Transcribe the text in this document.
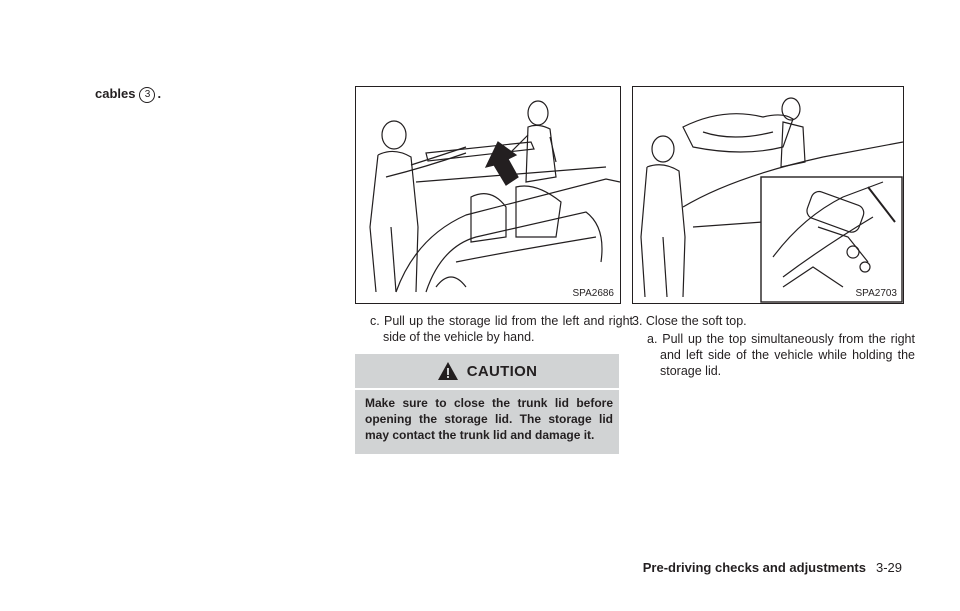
cables 3 .
SPA2686	SPA2703
c. Pull up the storage lid from the left and right side of the vehicle by hand.
CAUTION
Make sure to close the trunk lid before opening the storage lid. The storage lid may contact the trunk lid and damage it.
3. Close the soft top.
a. Pull up the top simultaneously from the right and left side of the vehicle while holding the storage lid.
Pre-driving checks and adjustments 3-29
